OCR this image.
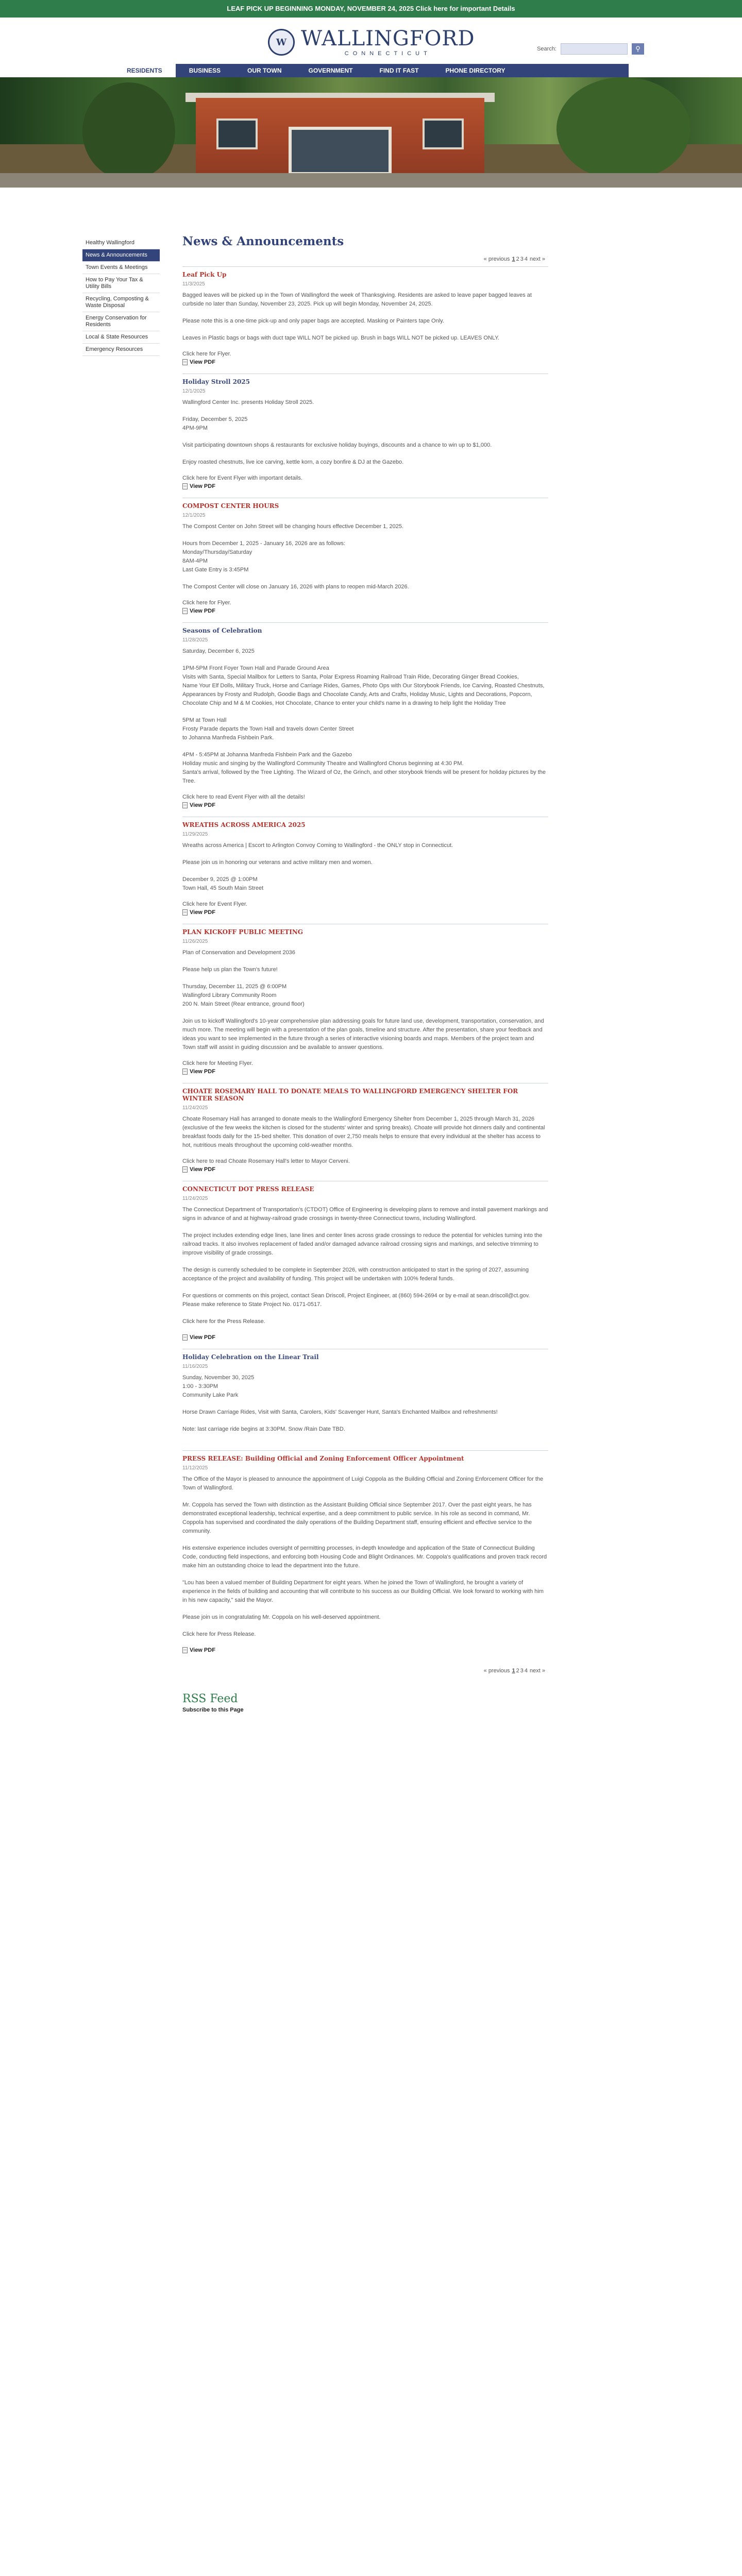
LEAF PICK UP BEGINNING MONDAY, NOVEMBER 24, 2025 Click here for important Details
W WALLINGFORD
CONNECTICUT
Search:	⚲
RESIDENTS	BUSINESS	OUR TOWN	GOVERNMENT	FIND IT FAST	PHONE DIRECTORY
Healthy Wallingford
News & Announcements
Town Events & Meetings
How to Pay Your Tax & Utility Bills
Recycling, Composting & Waste Disposal
Energy Conservation for Residents
Local & State Resources
Emergency Resources
News & Announcements
« previous 1 2 3 4 next »
Leaf Pick Up
11/3/2025

Bagged leaves will be picked up in the Town of Wallingford the week of Thanksgiving. Residents are asked to leave paper bagged leaves at curbside no later than Sunday, November 23, 2025. Pick up will begin Monday, November 24, 2025.

Please note this is a one-time pick-up and only paper bags are accepted. Masking or Painters tape Only.

Leaves in Plastic bags or bags with duct tape WILL NOT be picked up. Brush in bags WILL NOT be picked up. LEAVES ONLY.

Click here for Flyer.
View PDF
Holiday Stroll 2025
12/1/2025

Wallingford Center Inc. presents Holiday Stroll 2025.

Friday, December 5, 2025
4PM-9PM

Visit participating downtown shops & restaurants for exclusive holiday buyings, discounts and a chance to win up to $1,000.

Enjoy roasted chestnuts, live ice carving, kettle korn, a cozy bonfire & DJ at the Gazebo.

Click here for Event Flyer with important details.
View PDF
COMPOST CENTER HOURS
12/1/2025

The Compost Center on John Street will be changing hours effective December 1, 2025.

Hours from December 1, 2025 - January 16, 2026 are as follows:
Monday/Thursday/Saturday
8AM-4PM
Last Gate Entry is 3:45PM

The Compost Center will close on January 16, 2026 with plans to reopen mid-March 2026.

Click here for Flyer.
View PDF
Seasons of Celebration
11/28/2025

Saturday, December 6, 2025

1PM-5PM Front Foyer Town Hall and Parade Ground Area
Visits with Santa, Special Mailbox for Letters to Santa, Polar Express Roaming Railroad Train Ride, Decorating Ginger Bread Cookies,
Name Your Elf Dolls, Military Truck, Horse and Carriage Rides, Games, Photo Ops with Our Storybook Friends, Ice Carving, Roasted Chestnuts, Appearances by Frosty and Rudolph, Goodie Bags and Chocolate Candy, Arts and Crafts, Holiday Music, Lights and Decorations, Popcorn, Chocolate Chip and M & M Cookies, Hot Chocolate, Chance to enter your child's name in a drawing to help light the Holiday Tree

5PM at Town Hall
Frosty Parade departs the Town Hall and travels down Center Street
to Johanna Manfreda Fishbein Park.

4PM - 5:45PM at Johanna Manfreda Fishbein Park and the Gazebo
Holiday music and singing by the Wallingford Community Theatre and Wallingford Chorus beginning at 4:30 PM.
Santa's arrival, followed by the Tree Lighting. The Wizard of Oz, the Grinch, and other storybook friends will be present for holiday pictures by the Tree.

Click here to read Event Flyer with all the details!
View PDF
WREATHS ACROSS AMERICA 2025
11/29/2025

Wreaths across America | Escort to Arlington Convoy Coming to Wallingford - the ONLY stop in Connecticut.

Please join us in honoring our veterans and active military men and women.

December 9, 2025 @ 1:00PM
Town Hall, 45 South Main Street

Click here for Event Flyer.
View PDF
PLAN KICKOFF PUBLIC MEETING
11/26/2025

Plan of Conservation and Development 2036

Please help us plan the Town's future!

Thursday, December 11, 2025 @ 6:00PM
Wallingford Library Community Room
200 N. Main Street (Rear entrance, ground floor)

Join us to kickoff Wallingford's 10-year comprehensive plan addressing goals for future land use, development, transportation, conservation, and much more. The meeting will begin with a presentation of the plan goals, timeline and structure. After the presentation, share your feedback and ideas you want to see implemented in the future through a series of interactive visioning boards and maps. Members of the project team and Town staff will assist in guiding discussion and be available to answer questions.

Click here for Meeting Flyer.
View PDF
CHOATE ROSEMARY HALL TO DONATE MEALS TO WALLINGFORD EMERGENCY SHELTER FOR WINTER SEASON
11/24/2025

Choate Rosemary Hall has arranged to donate meals to the Wallingford Emergency Shelter from December 1, 2025 through March 31, 2026 (exclusive of the few weeks the kitchen is closed for the students' winter and spring breaks). Choate will provide hot dinners daily and continental breakfast foods daily for the 15-bed shelter. This donation of over 2,750 meals helps to ensure that every individual at the shelter has access to hot, nutritious meals throughout the upcoming cold-weather months.

Click here to read Choate Rosemary Hall's letter to Mayor Cerveni.
View PDF
CONNECTICUT DOT PRESS RELEASE
11/24/2025

The Connecticut Department of Transportation's (CTDOT) Office of Engineering is developing plans to remove and install pavement markings and signs in advance of and at highway-railroad grade crossings in twenty-three Connecticut towns, including Wallingford.

The project includes extending edge lines, lane lines and center lines across grade crossings to reduce the potential for vehicles turning into the railroad tracks. It also involves replacement of faded and/or damaged advance railroad crossing signs and markings, and selective trimming to improve visibility of grade crossings.

The design is currently scheduled to be complete in September 2026, with construction anticipated to start in the spring of 2027, assuming acceptance of the project and availability of funding. This project will be undertaken with 100% federal funds.

For questions or comments on this project, contact Sean Driscoll, Project Engineer, at (860) 594-2694 or by e-mail at sean.driscoll@ct.gov. Please make reference to State Project No. 0171-0517.

Click here for the Press Release.

View PDF
Holiday Celebration on the Linear Trail
11/16/2025

Sunday, November 30, 2025
1:00 - 3:30PM
Community Lake Park

Horse Drawn Carriage Rides, Visit with Santa, Carolers, Kids' Scavenger Hunt, Santa's Enchanted Mailbox and refreshments!

Note: last carriage ride begins at 3:30PM. Snow /Rain Date TBD.

PRESS RELEASE: Building Official and Zoning Enforcement Officer Appointment
11/12/2025

The Office of the Mayor is pleased to announce the appointment of Luigi Coppola as the Building Official and Zoning Enforcement Officer for the Town of Wallingford.

Mr. Coppola has served the Town with distinction as the Assistant Building Official since September 2017. Over the past eight years, he has demonstrated exceptional leadership, technical expertise, and a deep commitment to public service. In his role as second in command, Mr. Coppola has supervised and coordinated the daily operations of the Building Department staff, ensuring efficient and effective service to the community.

His extensive experience includes oversight of permitting processes, in-depth knowledge and application of the State of Connecticut Building Code, conducting field inspections, and enforcing both Housing Code and Blight Ordinances. Mr. Coppola's qualifications and proven track record make him an outstanding choice to lead the department into the future.

"Lou has been a valued member of Building Department for eight years. When he joined the Town of Wallingford, he brought a variety of experience in the fields of building and accounting that will contribute to his success as our Building Official. We look forward to working with him in his new capacity," said the Mayor.

Please join us in congratulating Mr. Coppola on his well-deserved appointment.

Click here for Press Release.

View PDF
« previous 1 2 3 4 next »
RSS Feed
Subscribe to this Page
